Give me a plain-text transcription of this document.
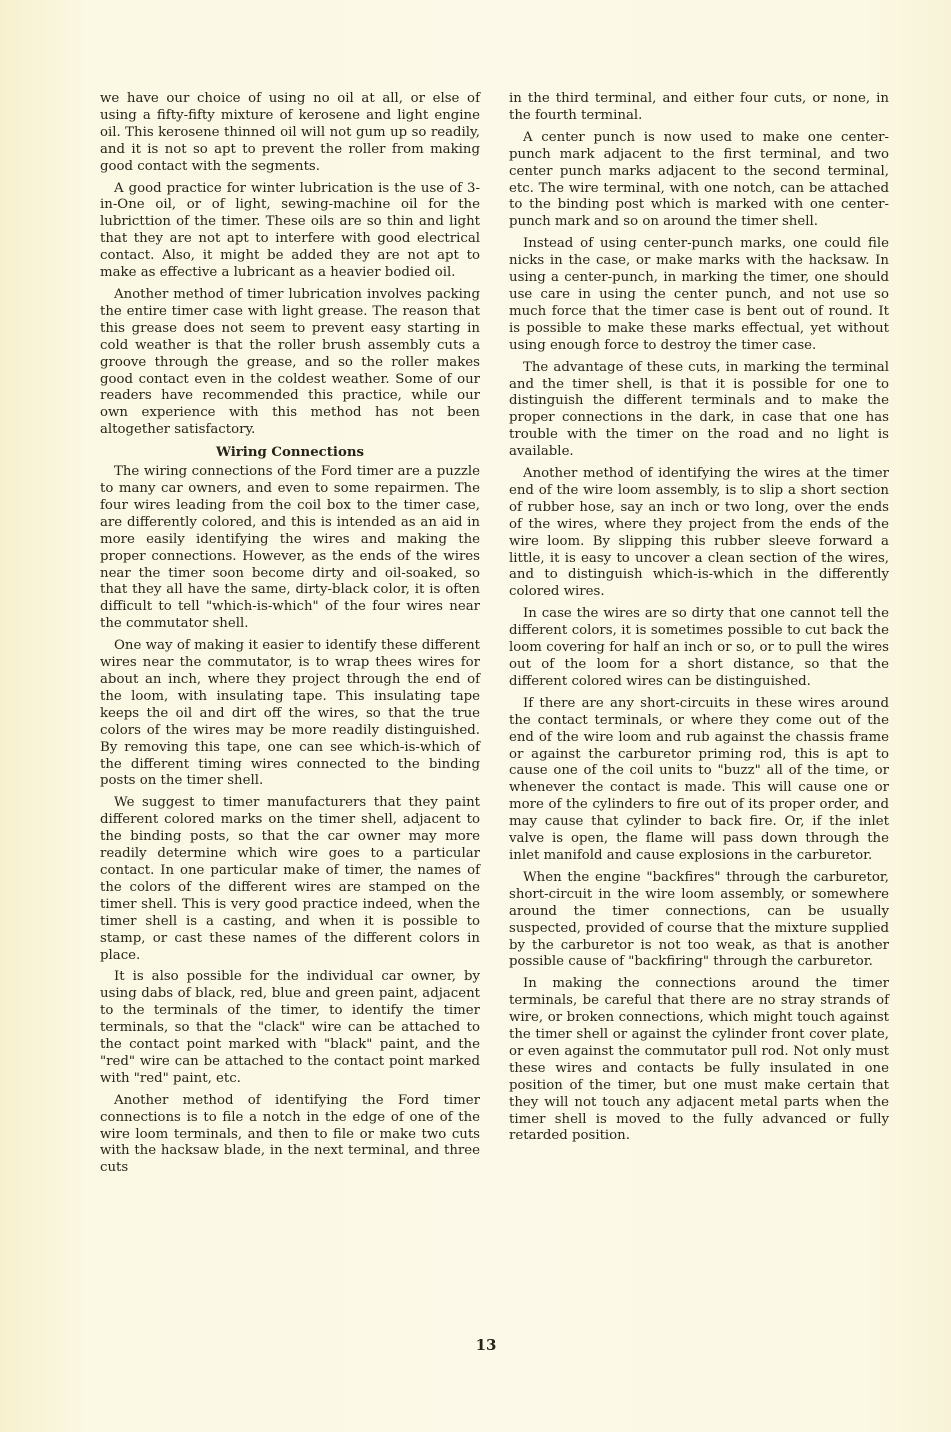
we have our choice of using no oil at all, or else of using a fifty-fifty mixture of kerosene and light engine oil. This kerosene thinned oil will not gum up so readily, and it is not so apt to prevent the roller from making good contact with the segments.

A good practice for winter lubrication is the use of 3-in-One oil, or of light, sewing-machine oil for the lubricttion of the timer. These oils are so thin and light that they are not apt to interfere with good electrical contact. Also, it might be added they are not apt to make as effective a lubricant as a heavier bodied oil.

Another method of timer lubrication involves packing the entire timer case with light grease. The reason that this grease does not seem to prevent easy starting in cold weather is that the roller brush assembly cuts a groove through the grease, and so the roller makes good contact even in the coldest weather. Some of our readers have recommended this practice, while our own experience with this method has not been altogether satisfactory.

Wiring Connections

The wiring connections of the Ford timer are a puzzle to many car owners, and even to some repairmen. The four wires leading from the coil box to the timer case, are differently colored, and this is intended as an aid in more easily identifying the wires and making the proper connections. However, as the ends of the wires near the timer soon become dirty and oil-soaked, so that they all have the same, dirty-black color, it is often difficult to tell "which-is-which" of the four wires near the commutator shell.

One way of making it easier to identify these different wires near the commutator, is to wrap thees wires for about an inch, where they project through the end of the loom, with insulating tape. This insulating tape keeps the oil and dirt off the wires, so that the true colors of the wires may be more readily distinguished. By removing this tape, one can see which-is-which of the different timing wires connected to the binding posts on the timer shell.

We suggest to timer manufacturers that they paint different colored marks on the timer shell, adjacent to the binding posts, so that the car owner may more readily determine which wire goes to a particular contact. In one particular make of timer, the names of the colors of the different wires are stamped on the timer shell. This is very good practice indeed, when the timer shell is a casting, and when it is possible to stamp, or cast these names of the different colors in place.

It is also possible for the individual car owner, by using dabs of black, red, blue and green paint, adjacent to the terminals of the timer, to identify the timer terminals, so that the "clack" wire can be attached to the contact point marked with "black" paint, and the "red" wire can be attached to the contact point marked with "red" paint, etc.

Another method of identifying the Ford timer connections is to file a notch in the edge of one of the wire loom terminals, and then to file or make two cuts with the hacksaw blade, in the next terminal, and three cuts

in the third terminal, and either four cuts, or none, in the fourth terminal.

A center punch is now used to make one center-punch mark adjacent to the first terminal, and two center punch marks adjacent to the second terminal, etc. The wire terminal, with one notch, can be attached to the binding post which is marked with one center-punch mark and so on around the timer shell.

Instead of using center-punch marks, one could file nicks in the case, or make marks with the hacksaw. In using a center-punch, in marking the timer, one should use care in using the center punch, and not use so much force that the timer case is bent out of round. It is possible to make these marks effectual, yet without using enough force to destroy the timer case.

The advantage of these cuts, in marking the terminal and the timer shell, is that it is possible for one to distinguish the different terminals and to make the proper connections in the dark, in case that one has trouble with the timer on the road and no light is available.

Another method of identifying the wires at the timer end of the wire loom assembly, is to slip a short section of rubber hose, say an inch or two long, over the ends of the wires, where they project from the ends of the wire loom. By slipping this rubber sleeve forward a little, it is easy to uncover a clean section of the wires, and to distinguish which-is-which in the differently colored wires.

In case the wires are so dirty that one cannot tell the different colors, it is sometimes possible to cut back the loom covering for half an inch or so, or to pull the wires out of the loom for a short distance, so that the different colored wires can be distinguished.

If there are any short-circuits in these wires around the contact terminals, or where they come out of the end of the wire loom and rub against the chassis frame or against the carburetor priming rod, this is apt to cause one of the coil units to "buzz" all of the time, or whenever the contact is made. This will cause one or more of the cylinders to fire out of its proper order, and may cause that cylinder to back fire. Or, if the inlet valve is open, the flame will pass down through the inlet manifold and cause explosions in the carburetor.

When the engine "backfires" through the carburetor, short-circuit in the wire loom assembly, or somewhere around the timer connections, can be usually suspected, provided of course that the mixture supplied by the carburetor is not too weak, as that is another possible cause of "backfiring" through the carburetor.

In making the connections around the timer terminals, be careful that there are no stray strands of wire, or broken connections, which might touch against the timer shell or against the cylinder front cover plate, or even against the commutator pull rod. Not only must these wires and contacts be fully insulated in one position of the timer, but one must make certain that they will not touch any adjacent metal parts when the timer shell is moved to the fully advanced or fully retarded position.

13
